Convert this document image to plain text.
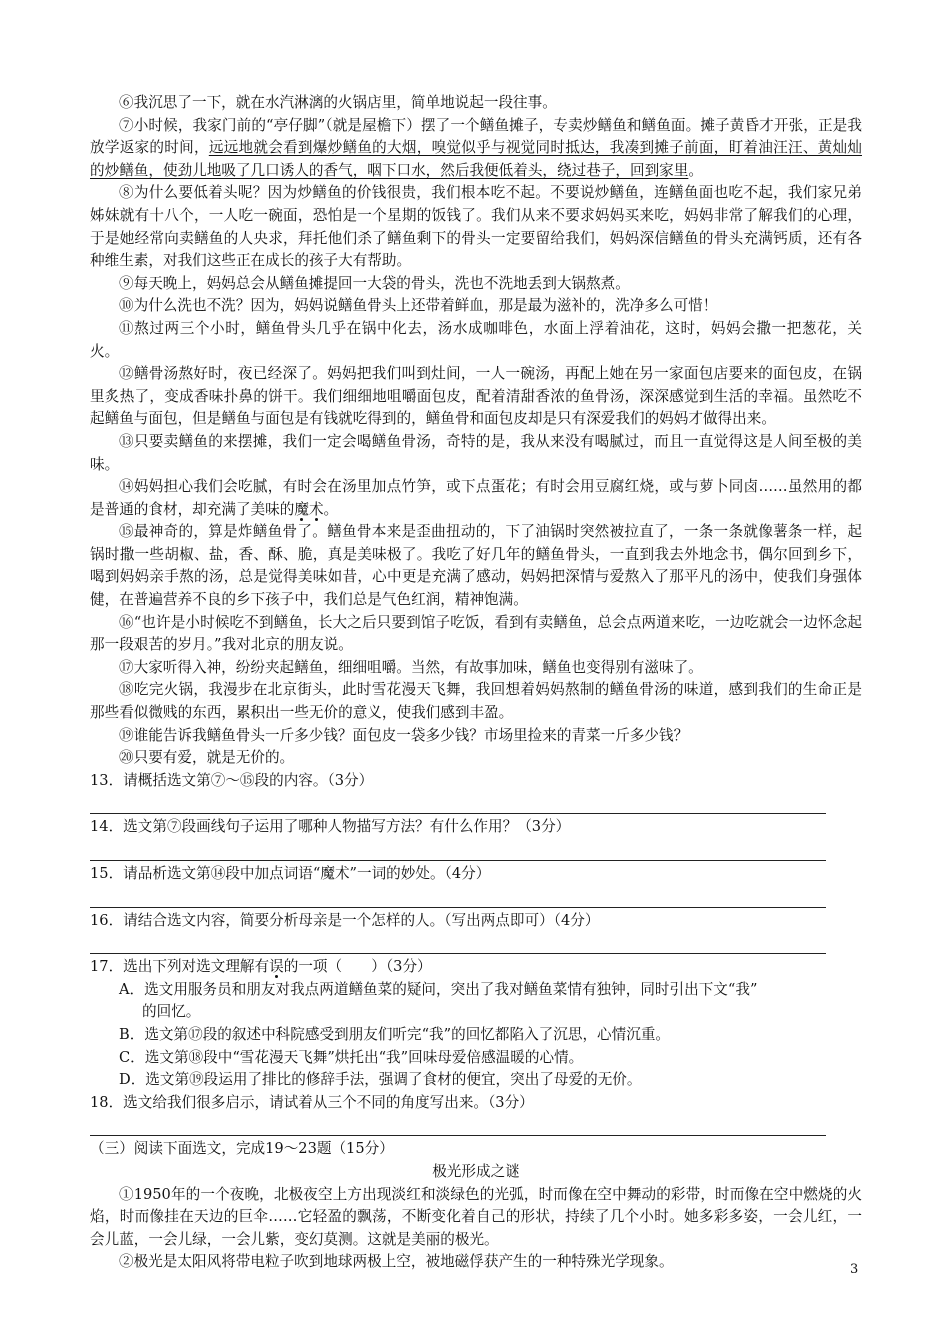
⑥我沉思了一下，就在水汽淋漓的火锅店里，简单地说起一段往事。

⑦小时候，我家门前的“亭仔脚”（就是屋檐下）摆了一个鳝鱼摊子，专卖炒鳝鱼和鳝鱼面。摊子黄昏才开张，正是我放学返家的时间，远远地就会看到爆炒鳝鱼的大烟，嗅觉似乎与视觉同时抵达，我凑到摊子前面，盯着油汪汪、黄灿灿的炒鳝鱼，使劲儿地吸了几口诱人的香气，咽下口水，然后我便低着头，绕过巷子，回到家里。

⑧为什么要低着头呢？因为炒鳝鱼的价钱很贵，我们根本吃不起。不要说炒鳝鱼，连鳝鱼面也吃不起，我们家兄弟姊妹就有十八个，一人吃一碗面，恐怕是一个星期的饭钱了。我们从来不要求妈妈买来吃，妈妈非常了解我们的心理，于是她经常向卖鳝鱼的人央求，拜托他们杀了鳝鱼剩下的骨头一定要留给我们，妈妈深信鳝鱼的骨头充满钙质，还有各种维生素，对我们这些正在成长的孩子大有帮助。

⑨每天晚上，妈妈总会从鳝鱼摊提回一大袋的骨头，洗也不洗地丢到大锅熬煮。

⑩为什么洗也不洗？因为，妈妈说鳝鱼骨头上还带着鲜血，那是最为滋补的，洗净多么可惜！

⑪熬过两三个小时，鳝鱼骨头几乎在锅中化去，汤水成咖啡色，水面上浮着油花，这时，妈妈会撒一把葱花，关火。

⑫鳝骨汤熬好时，夜已经深了。妈妈把我们叫到灶间，一人一碗汤，再配上她在另一家面包店要来的面包皮，在锅里炙热了，变成香味扑鼻的饼干。我们细细地咀嚼面包皮，配着清甜香浓的鱼骨汤，深深感觉到生活的幸福。虽然吃不起鳝鱼与面包，但是鳝鱼与面包是有钱就吃得到的，鳝鱼骨和面包皮却是只有深爱我们的妈妈才做得出来。

⑬只要卖鳝鱼的来摆摊，我们一定会喝鳝鱼骨汤，奇特的是，我从来没有喝腻过，而且一直觉得这是人间至极的美味。

⑭妈妈担心我们会吃腻，有时会在汤里加点竹笋，或下点蛋花；有时会用豆腐红烧，或与萝卜同卤……虽然用的都是普通的食材，却充满了美味的魔术。

⑮最神奇的，算是炸鳝鱼骨了。鳝鱼骨本来是歪曲扭动的，下了油锅时突然被拉直了，一条一条就像薯条一样，起锅时撒一些胡椒、盐，香、酥、脆，真是美味极了。我吃了好几年的鳝鱼骨头，一直到我去外地念书，偶尔回到乡下，喝到妈妈亲手熬的汤，总是觉得美味如昔，心中更是充满了感动，妈妈把深情与爱熬入了那平凡的汤中，使我们身强体健，在普遍营养不良的乡下孩子中，我们总是气色红润，精神饱满。

⑯“也许是小时候吃不到鳝鱼，长大之后只要到馆子吃饭，看到有卖鳝鱼，总会点两道来吃，一边吃就会一边怀念起那一段艰苦的岁月。”我对北京的朋友说。

⑰大家听得入神，纷纷夹起鳝鱼，细细咀嚼。当然，有故事加味，鳝鱼也变得别有滋味了。

⑱吃完火锅，我漫步在北京街头，此时雪花漫天飞舞，我回想着妈妈熬制的鳝鱼骨汤的味道，感到我们的生命正是那些看似微贱的东西，累积出一些无价的意义，使我们感到丰盈。

⑲谁能告诉我鳝鱼骨头一斤多少钱？面包皮一袋多少钱？市场里捡来的青菜一斤多少钱？

⑳只要有爱，就是无价的。

13．请概括选文第⑦～⑮段的内容。（3分）

14．选文第⑦段画线句子运用了哪种人物描写方法？有什么作用？（3分）

15．请品析选文第⑭段中加点词语“魔术”一词的妙处。（4分）

16．请结合选文内容，简要分析母亲是一个怎样的人。（写出两点即可）（4分）

17．选出下列对选文理解有误的一项（　　）（3分）

A．选文用服务员和朋友对我点两道鳝鱼菜的疑问，突出了我对鳝鱼菜情有独钟，同时引出下文“我”

的回忆。

B．选文第⑰段的叙述中科院感受到朋友们听完“我”的回忆都陷入了沉思，心情沉重。

C．选文第⑱段中“雪花漫天飞舞”烘托出“我”回味母爱倍感温暖的心情。

D．选文第⑲段运用了排比的修辞手法，强调了食材的便宜，突出了母爱的无价。

18．选文给我们很多启示，请试着从三个不同的角度写出来。（3分）

（三）阅读下面选文，完成19～23题（15分）

极光形成之谜

①1950年的一个夜晚，北极夜空上方出现淡红和淡绿色的光弧，时而像在空中舞动的彩带，时而像在空中燃烧的火焰，时而像挂在天边的巨伞……它轻盈的飘荡，不断变化着自己的形状，持续了几个小时。她多彩多姿，一会儿红，一会儿蓝，一会儿绿，一会儿紫，变幻莫测。这就是美丽的极光。

②极光是太阳风将带电粒子吹到地球两极上空，被地磁俘获产生的一种特殊光学现象。	3
